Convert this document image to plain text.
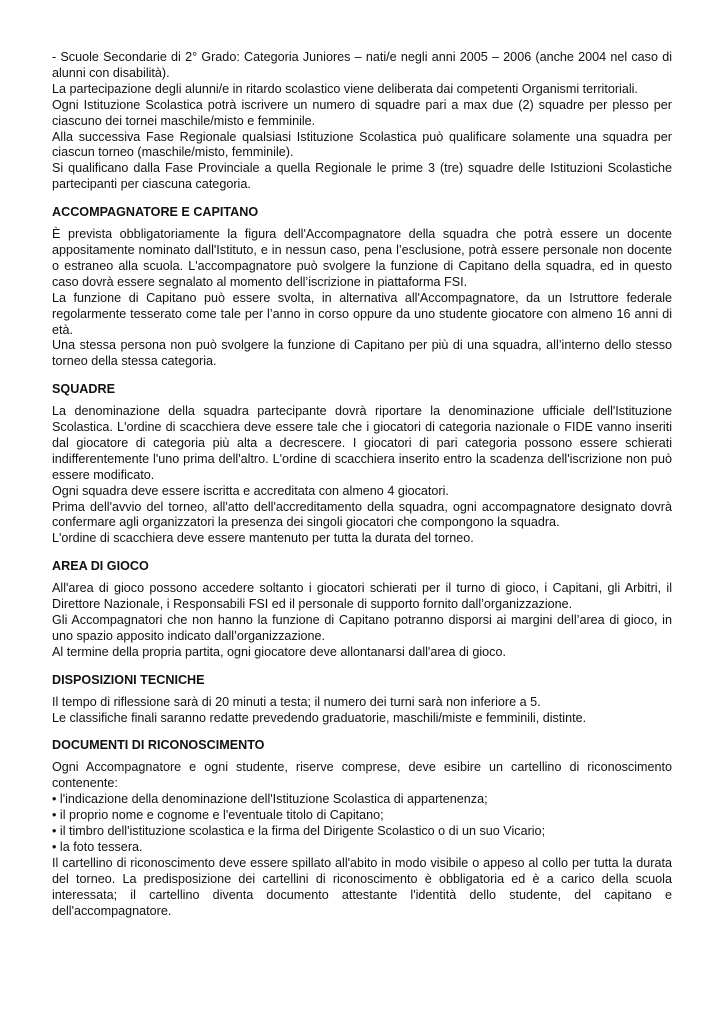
- Scuole Secondarie di 2° Grado: Categoria Juniores – nati/e negli anni 2005 – 2006 (anche 2004 nel caso di alunni con disabilità).

La partecipazione degli alunni/e in ritardo scolastico viene deliberata dai competenti Organismi territoriali.

Ogni Istituzione Scolastica potrà iscrivere un numero di squadre pari a max due (2) squadre per plesso per ciascuno dei tornei maschile/misto e femminile.

Alla successiva Fase Regionale qualsiasi Istituzione Scolastica può qualificare solamente una squadra per ciascun torneo (maschile/misto, femminile).

Si qualificano dalla Fase Provinciale a quella Regionale le prime 3 (tre) squadre delle Istituzioni Scolastiche partecipanti per ciascuna categoria.

ACCOMPAGNATORE E CAPITANO

È prevista obbligatoriamente la figura dell'Accompagnatore della squadra che potrà essere un docente appositamente nominato dall'Istituto, e in nessun caso, pena l’esclusione, potrà essere personale non docente o estraneo alla scuola. L'accompagnatore può svolgere la funzione di Capitano della squadra, ed in questo caso dovrà essere segnalato al momento dell’iscrizione in piattaforma FSI.

La funzione di Capitano può essere svolta, in alternativa all'Accompagnatore, da un Istruttore federale regolarmente tesserato come tale per l’anno in corso oppure da uno studente giocatore con almeno 16 anni di età.

Una stessa persona non può svolgere la funzione di Capitano per più di una squadra, all’interno dello stesso torneo della stessa categoria.

SQUADRE

La denominazione della squadra partecipante dovrà riportare la denominazione ufficiale dell'Istituzione Scolastica. L'ordine di scacchiera deve essere tale che i giocatori di categoria nazionale o FIDE vanno inseriti dal giocatore di categoria più alta a decrescere. I giocatori di pari categoria possono essere schierati indifferentemente l'uno prima dell'altro. L'ordine di scacchiera inserito entro la scadenza dell'iscrizione non può essere modificato.

Ogni squadra deve essere iscritta e accreditata con almeno 4 giocatori.

Prima dell'avvio del torneo, all'atto dell'accreditamento della squadra, ogni accompagnatore designato dovrà confermare agli organizzatori la presenza dei singoli giocatori che compongono la squadra.

L'ordine di scacchiera deve essere mantenuto per tutta la durata del torneo.

AREA DI GIOCO

All'area di gioco possono accedere soltanto i giocatori schierati per il turno di gioco, i Capitani, gli Arbitri, il Direttore Nazionale, i Responsabili FSI ed il personale di supporto fornito dall’organizzazione.

Gli Accompagnatori che non hanno la funzione di Capitano potranno disporsi ai margini dell’area di gioco, in uno spazio apposito indicato dall’organizzazione.

Al termine della propria partita, ogni giocatore deve allontanarsi dall'area di gioco.

DISPOSIZIONI TECNICHE

Il tempo di riflessione sarà di 20 minuti a testa; il numero dei turni sarà non inferiore a 5.

Le classifiche finali saranno redatte prevedendo graduatorie, maschili/miste e femminili, distinte.

DOCUMENTI DI RICONOSCIMENTO

Ogni Accompagnatore e ogni studente, riserve comprese, deve esibire un cartellino di riconoscimento contenente:

• l'indicazione della denominazione dell'Istituzione Scolastica di appartenenza;

• il proprio nome e cognome e l'eventuale titolo di Capitano;

• il timbro dell'istituzione scolastica e la firma del Dirigente Scolastico o di un suo Vicario;

• la foto tessera.

Il cartellino di riconoscimento deve essere spillato all'abito in modo visibile o appeso al collo per tutta la durata del torneo. La predisposizione dei cartellini di riconoscimento è obbligatoria ed è a carico della scuola interessata; il cartellino diventa documento attestante l'identità dello studente, del capitano e dell'accompagnatore.
